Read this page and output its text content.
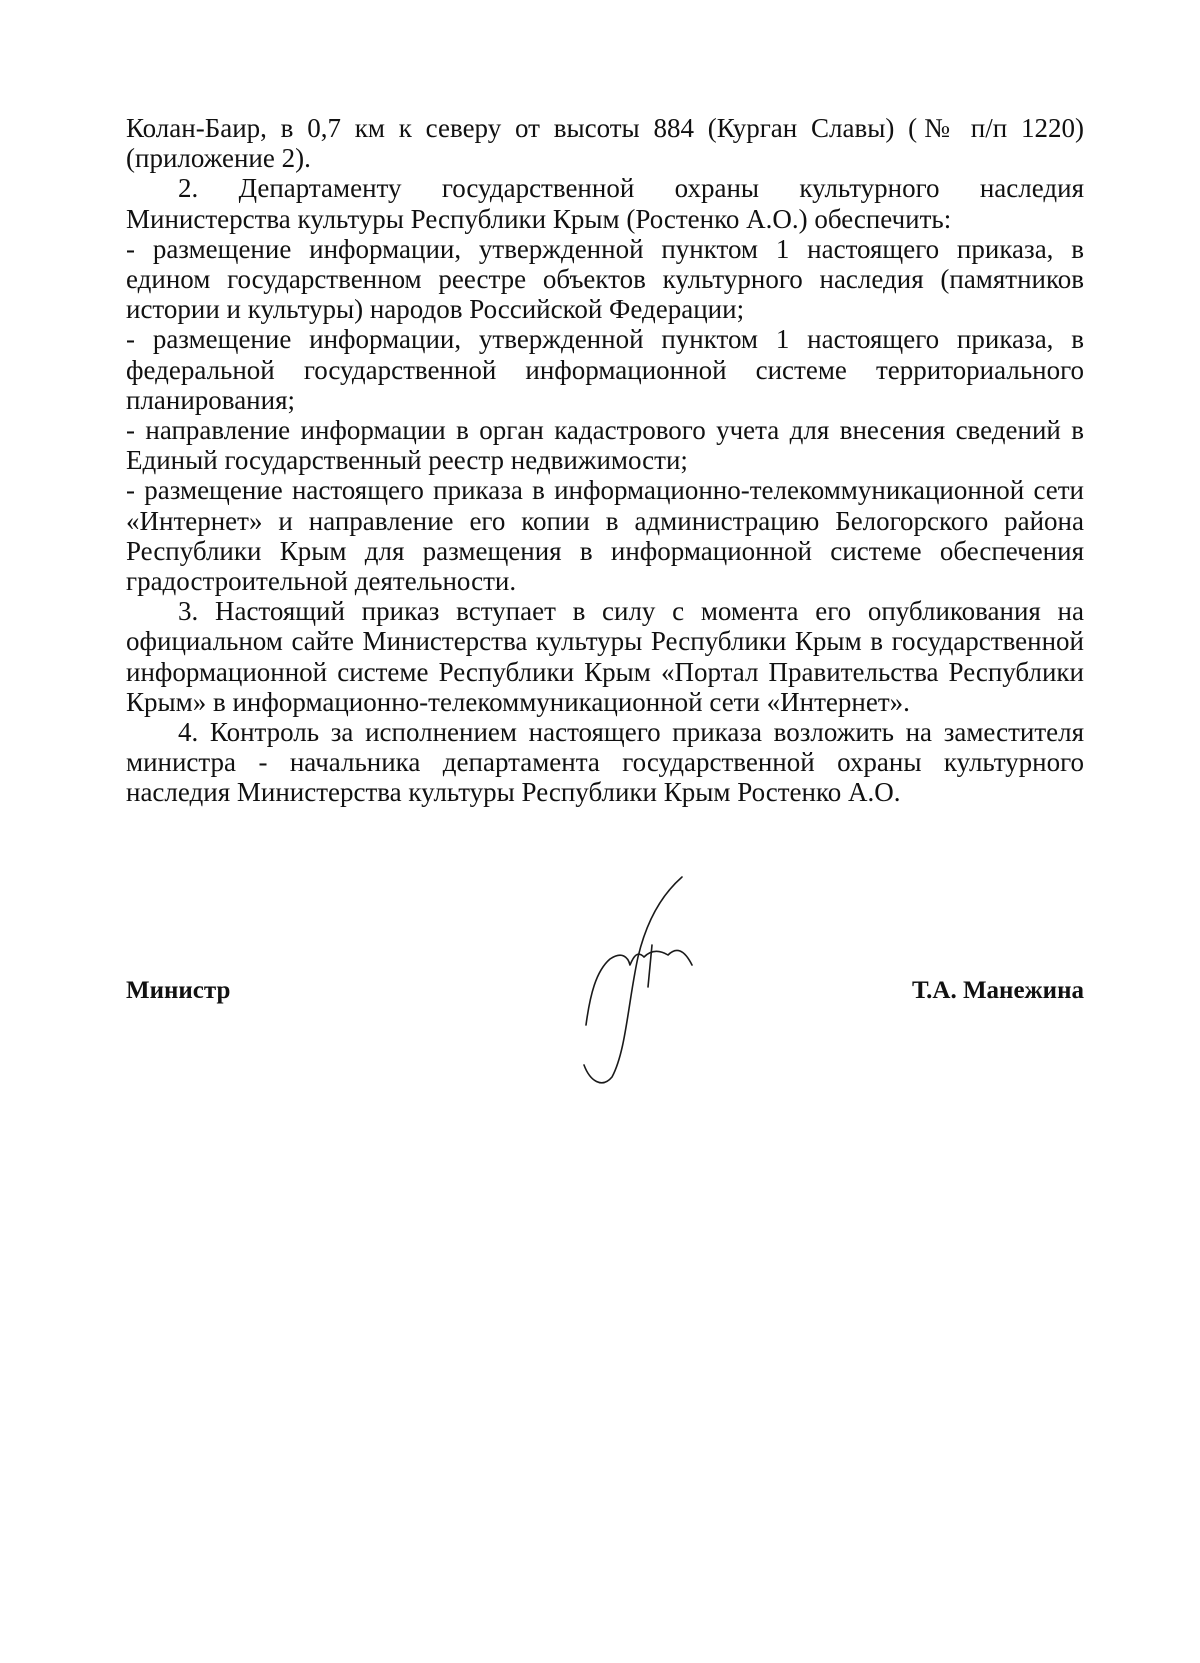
Колан-Баир, в 0,7 км к северу от высоты 884 (Курган Славы) (№ п/п 1220) (приложение 2).

2. Департаменту государственной охраны культурного наследия Министерства культуры Республики Крым (Ростенко А.О.) обеспечить:

- размещение информации, утвержденной пунктом 1 настоящего приказа, в едином государственном реестре объектов культурного наследия (памятников истории и культуры) народов Российской Федерации;

- размещение информации, утвержденной пунктом 1 настоящего приказа, в федеральной государственной информационной системе территориального планирования;

- направление информации в орган кадастрового учета для внесения сведений в Единый государственный реестр недвижимости;

- размещение настоящего приказа в информационно-телекоммуникационной сети «Интернет» и направление его копии в администрацию Белогорского района Республики Крым для размещения в информационной системе обеспечения градостроительной деятельности.

3. Настоящий приказ вступает в силу с момента его опубликования на официальном сайте Министерства культуры Республики Крым в государственной информационной системе Республики Крым «Портал Правительства Республики Крым» в информационно-телекоммуникационной сети «Интернет».

4. Контроль за исполнением настоящего приказа возложить на заместителя министра - начальника департамента государственной охраны культурного наследия Министерства культуры Республики Крым Ростенко А.О.

Министр	Т.А. Манежина
